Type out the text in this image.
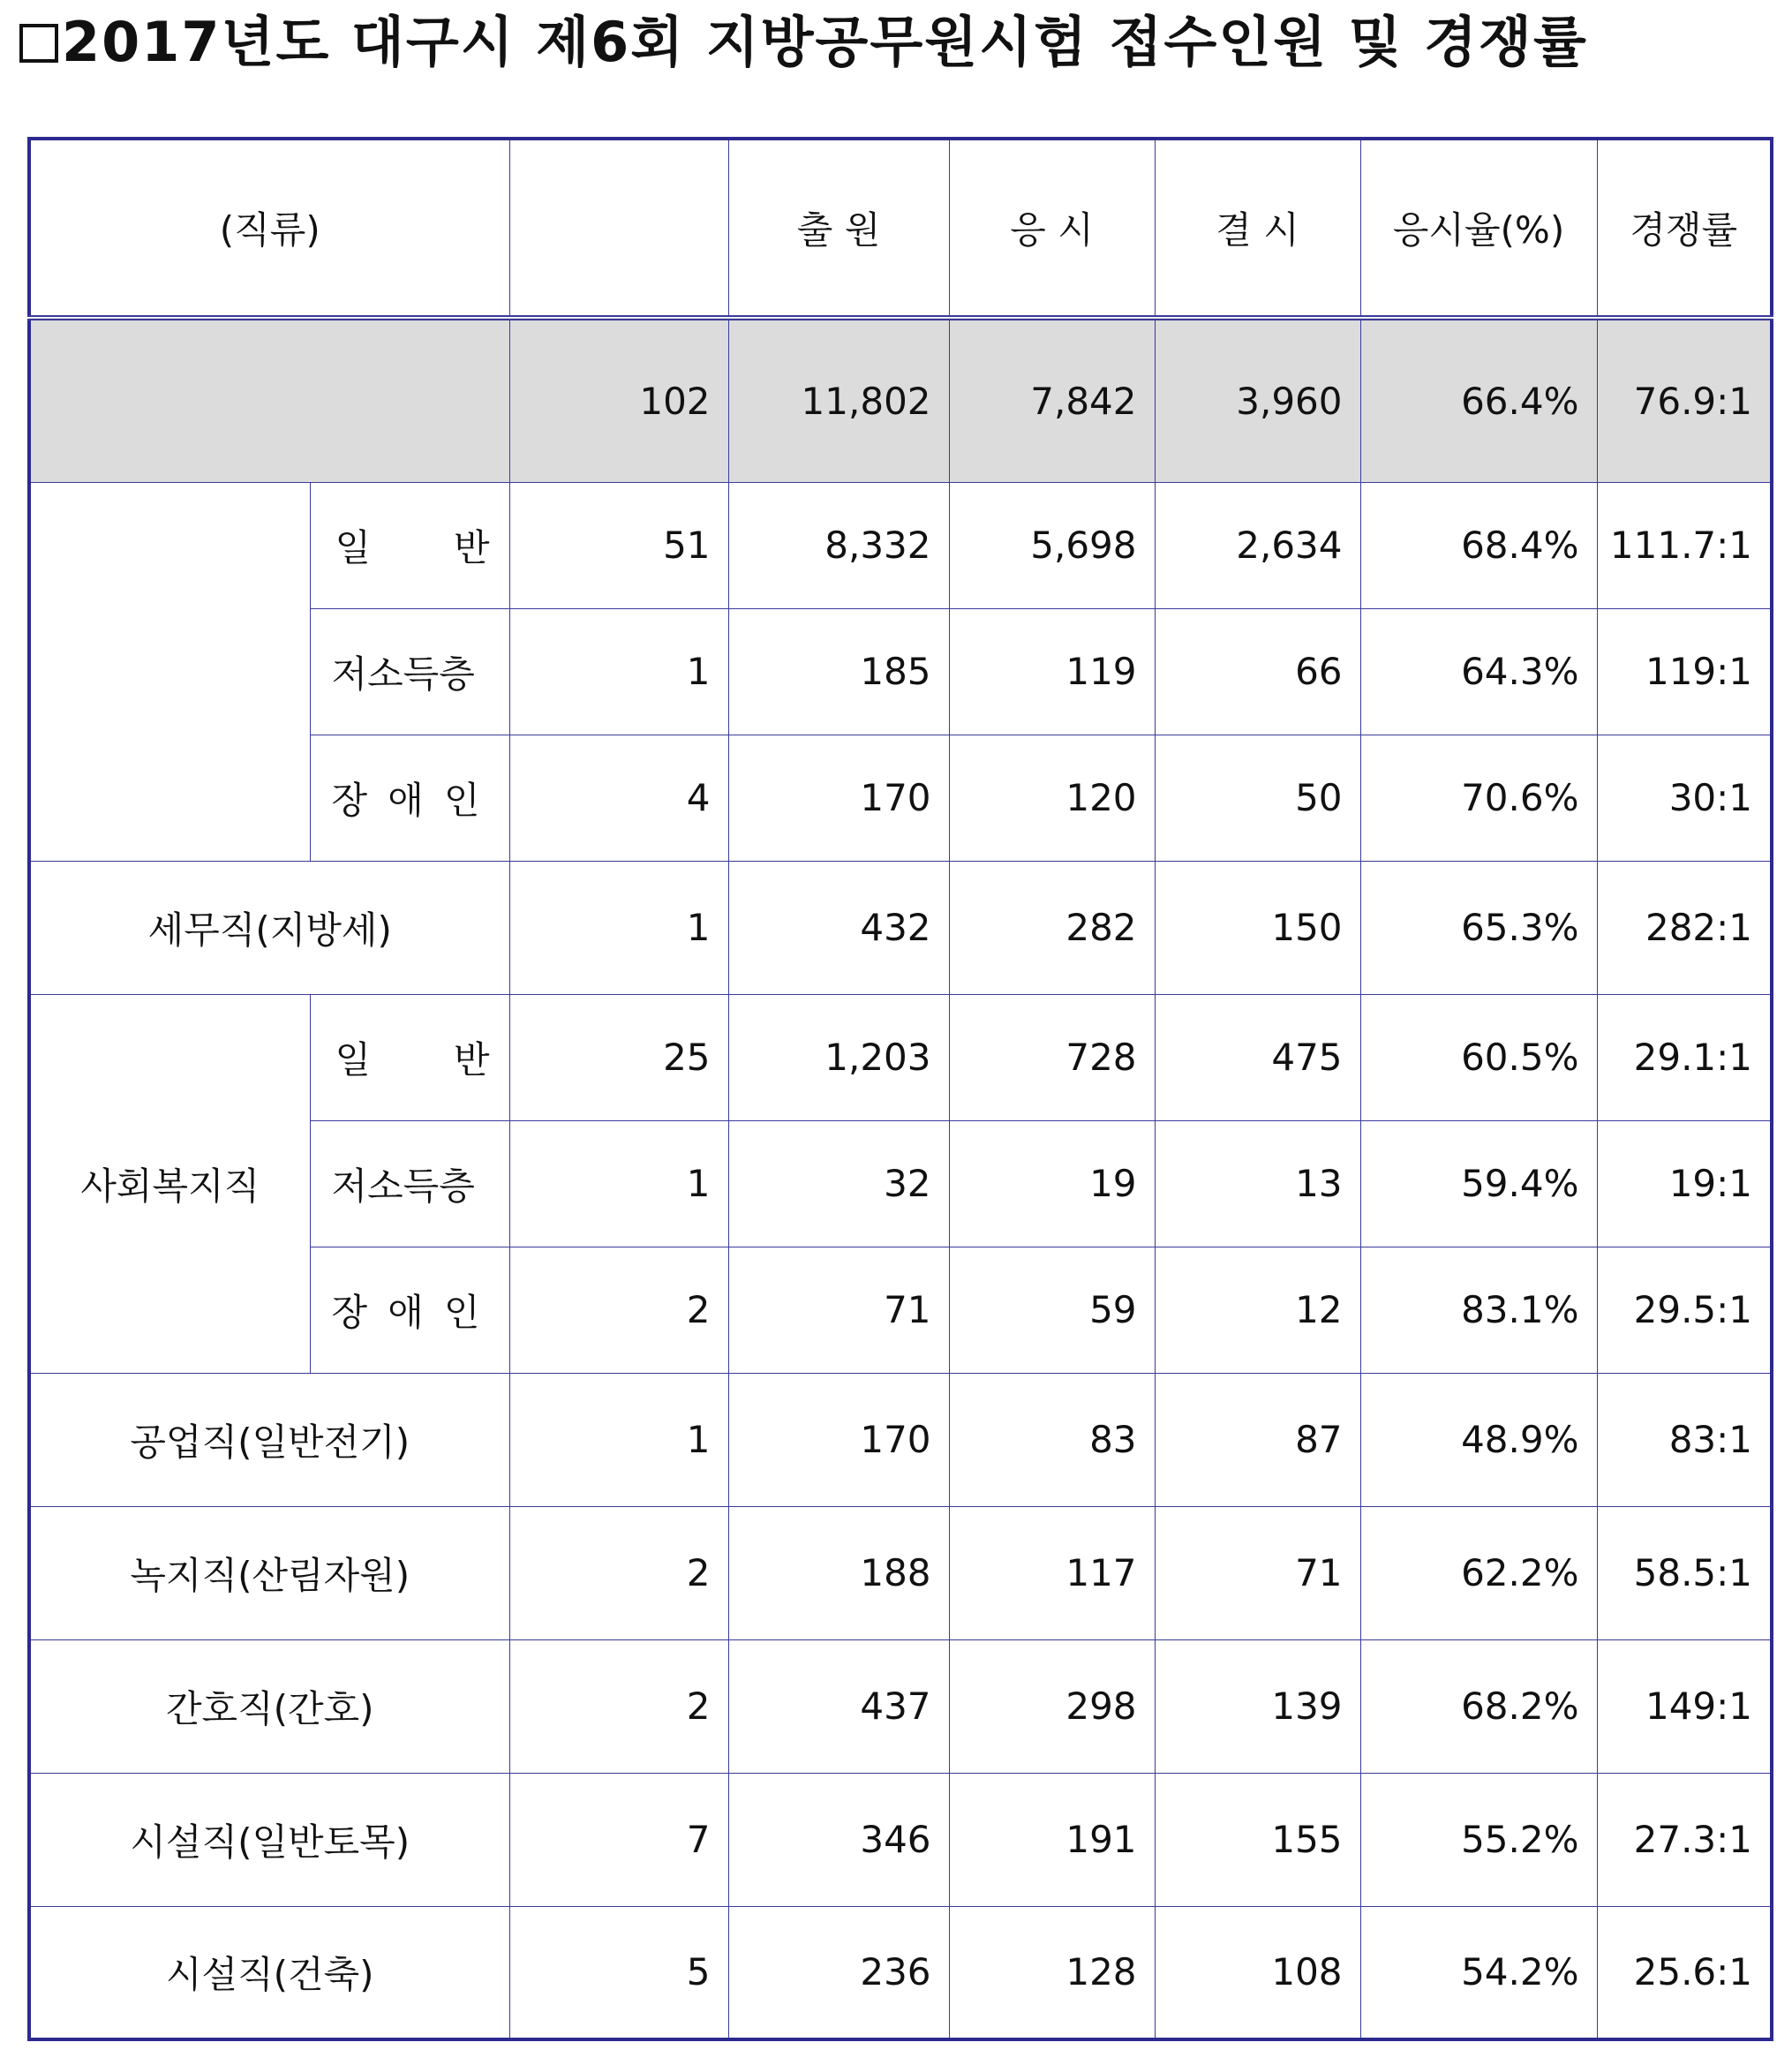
2017년도 대구시 제6회 지방공무원시험 접수인원 및 경쟁률
(직류)			출 원	응 시	결 시	응시율(%)	경쟁률
		102	11,802	7,842	3,960	66.4%	76.9:1

	일 반	51	8,332	5,698	2,634	68.4%	111.7:1
	저소득층	1	185	119	66	64.3%	119:1

	장 애 인	4	170	120	50	70.6%	30:1
세무직(지방세)		1	432	282	150	65.3%	282:1
사회복지직	일 반	25	1,203	728	475	60.5%	29.1:1
	저소득층	1	32	19	13	59.4%	19:1

	장 애 인	2	71	59	12	83.1%	29.5:1
공업직(일반전기)		1	170	83	87	48.9%	83:1
녹지직(산림자원)		2	188	117	71	62.2%	58.5:1
간호직(간호)		2	437	298	139	68.2%	149:1
시설직(일반토목)		7	346	191	155	55.2%	27.3:1
시설직(건축)		5	236	128	108	54.2%	25.6:1
